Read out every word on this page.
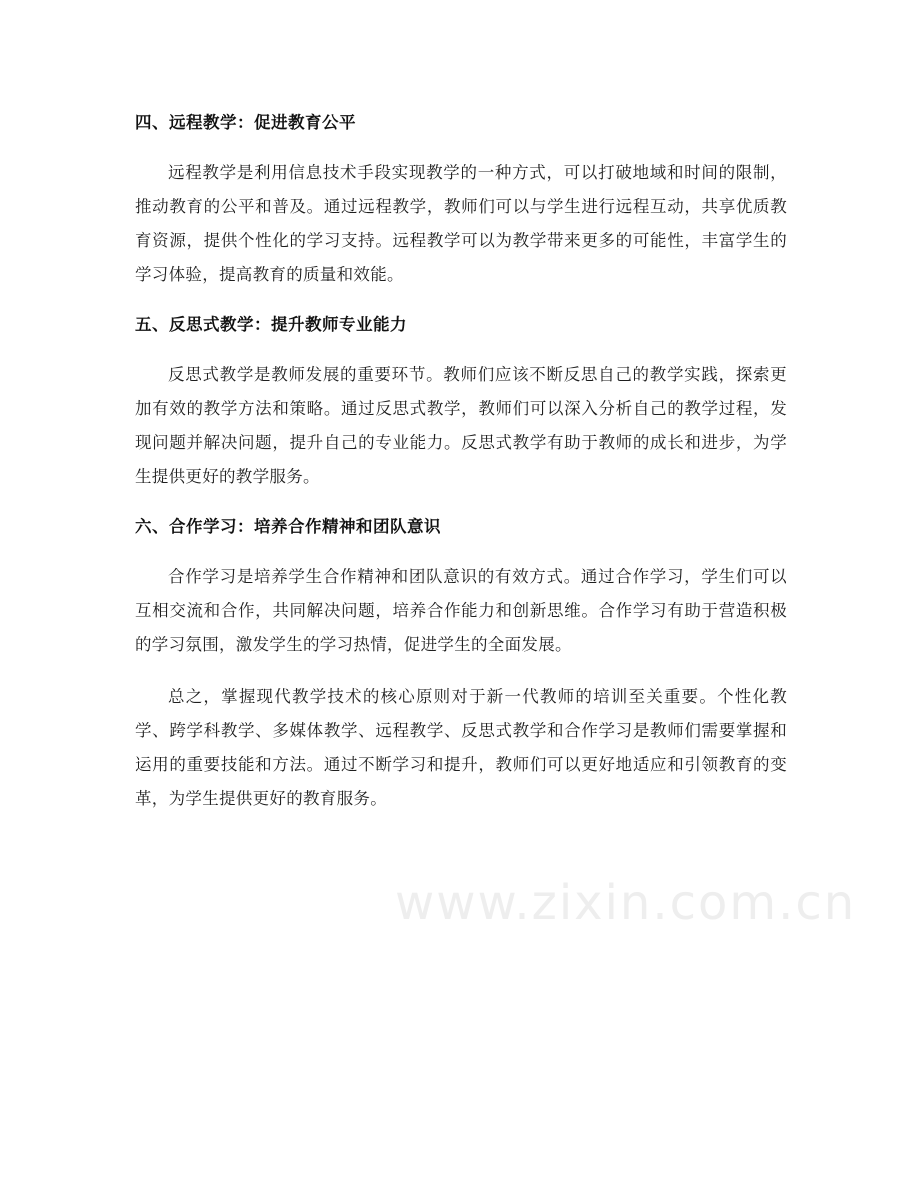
www.zixin.com.cn
四、远程教学：促进教育公平

远程教学是利用信息技术手段实现教学的一种方式，可以打破地域和时间的限制，推动教育的公平和普及。通过远程教学，教师们可以与学生进行远程互动，共享优质教育资源，提供个性化的学习支持。远程教学可以为教学带来更多的可能性，丰富学生的学习体验，提高教育的质量和效能。

五、反思式教学：提升教师专业能力

反思式教学是教师发展的重要环节。教师们应该不断反思自己的教学实践，探索更加有效的教学方法和策略。通过反思式教学，教师们可以深入分析自己的教学过程，发现问题并解决问题，提升自己的专业能力。反思式教学有助于教师的成长和进步，为学生提供更好的教学服务。

六、合作学习：培养合作精神和团队意识

合作学习是培养学生合作精神和团队意识的有效方式。通过合作学习，学生们可以互相交流和合作，共同解决问题，培养合作能力和创新思维。合作学习有助于营造积极的学习氛围，激发学生的学习热情，促进学生的全面发展。

总之，掌握现代教学技术的核心原则对于新一代教师的培训至关重要。个性化教学、跨学科教学、多媒体教学、远程教学、反思式教学和合作学习是教师们需要掌握和运用的重要技能和方法。通过不断学习和提升，教师们可以更好地适应和引领教育的变革，为学生提供更好的教育服务。
